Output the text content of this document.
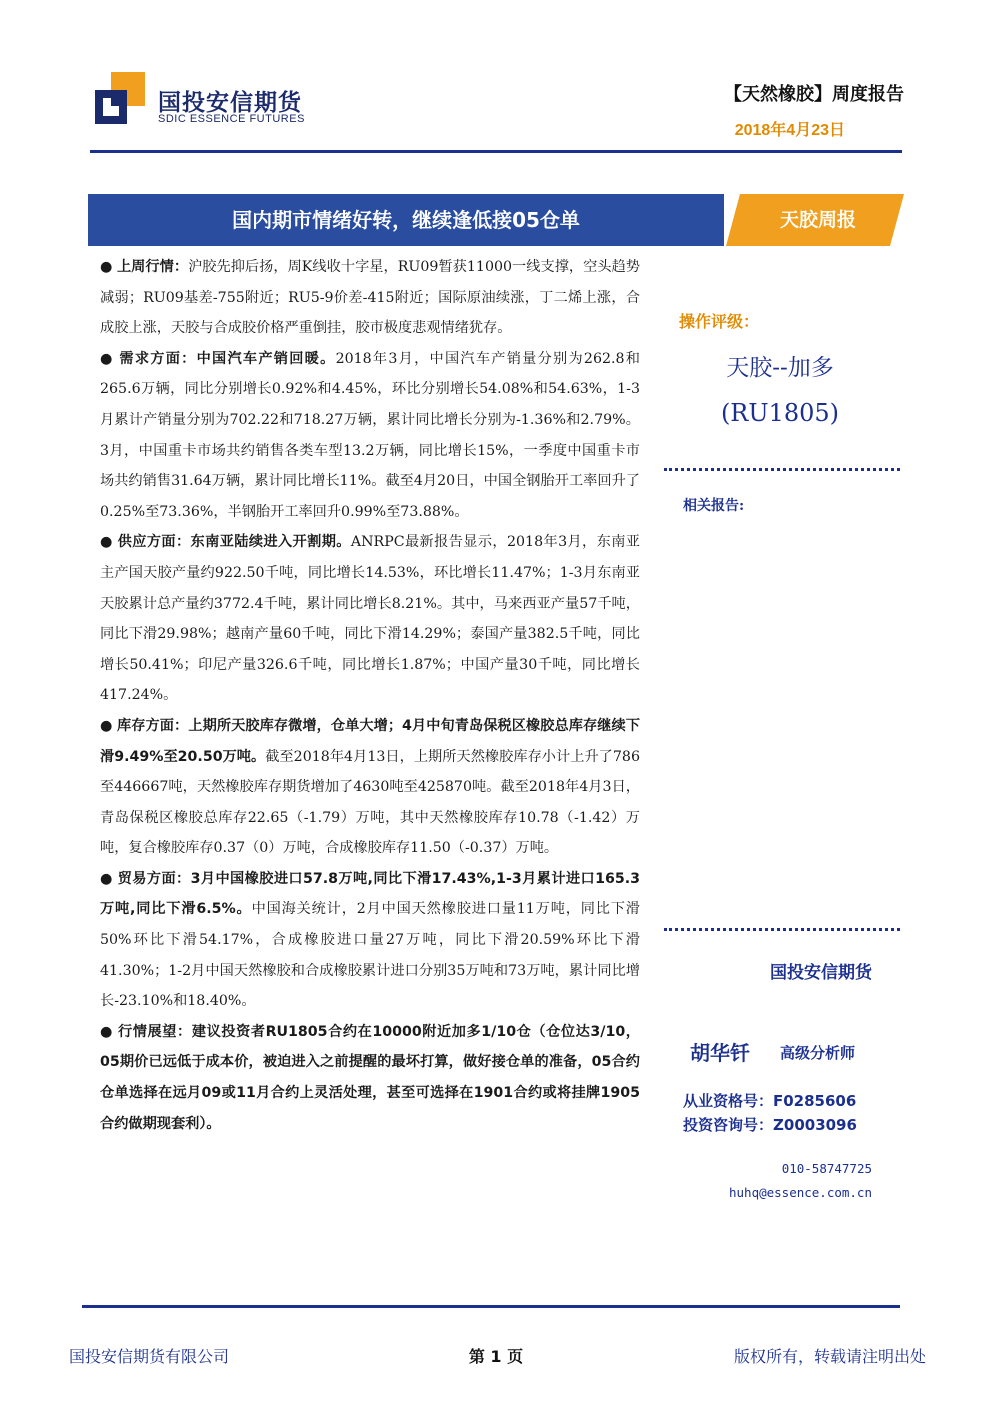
国投安信期货
SDIC ESSENCE FUTURES
【天然橡胶】周度报告
2018年4月23日
国内期市情绪好转，继续逢低接05仓单	天胶周报

● 上周行情：沪胶先抑后扬，周K线收十字星，RU09暂获11000一线支撑，空头趋势减弱；RU09基差-755附近；RU5-9价差-415附近；国际原油续涨，丁二烯上涨，合成胶上涨，天胶与合成胶价格严重倒挂，胶市极度悲观情绪犹存。

● 需求方面：中国汽车产销回暖。2018年3月，中国汽车产销量分别为262.8和265.6万辆，同比分别增长0.92%和4.45%，环比分别增长54.08%和54.63%，1-3月累计产销量分别为702.22和718.27万辆，累计同比增长分别为-1.36%和2.79%。3月，中国重卡市场共约销售各类车型13.2万辆，同比增长15%，一季度中国重卡市场共约销售31.64万辆，累计同比增长11%。截至4月20日，中国全钢胎开工率回升了0.25%至73.36%，半钢胎开工率回升0.99%至73.88%。

● 供应方面：东南亚陆续进入开割期。ANRPC最新报告显示，2018年3月，东南亚主产国天胶产量约922.50千吨，同比增长14.53%，环比增长11.47%；1-3月东南亚天胶累计总产量约3772.4千吨，累计同比增长8.21%。其中，马来西亚产量57千吨，同比下滑29.98%；越南产量60千吨，同比下滑14.29%；泰国产量382.5千吨，同比增长50.41%；印尼产量326.6千吨，同比增长1.87%；中国产量30千吨，同比增长417.24%。

● 库存方面：上期所天胶库存微增，仓单大增；4月中旬青岛保税区橡胶总库存继续下滑9.49%至20.50万吨。截至2018年4月13日，上期所天然橡胶库存小计上升了786至446667吨，天然橡胶库存期货增加了4630吨至425870吨。截至2018年4月3日，青岛保税区橡胶总库存22.65（-1.79）万吨，其中天然橡胶库存10.78（-1.42）万吨，复合橡胶库存0.37（0）万吨，合成橡胶库存11.50（-0.37）万吨。

● 贸易方面：3月中国橡胶进口57.8万吨,同比下滑17.43%,1-3月累计进口165.3万吨,同比下滑6.5%。中国海关统计，2月中国天然橡胶进口量11万吨，同比下滑50%环比下滑54.17%，合成橡胶进口量27万吨，同比下滑20.59%环比下滑41.30%；1-2月中国天然橡胶和合成橡胶累计进口分别35万吨和73万吨，累计同比增长-23.10%和18.40%。

● 行情展望：建议投资者RU1805合约在10000附近加多1/10仓（仓位达3/10，05期价已远低于成本价，被迫进入之前提醒的最坏打算，做好接仓单的准备，05合约仓单选择在远月09或11月合约上灵活处理，甚至可选择在1901合约或将挂牌1905合约做期现套利）。

操作评级：
天胶--加多
(RU1805)
相关报告:
国投安信期货
胡华钎 高级分析师
从业资格号：F0285606
投资咨询号：Z0003096
010-58747725
huhq@essence.com.cn
国投安信期货有限公司	第 1 页	版权所有，转载请注明出处
